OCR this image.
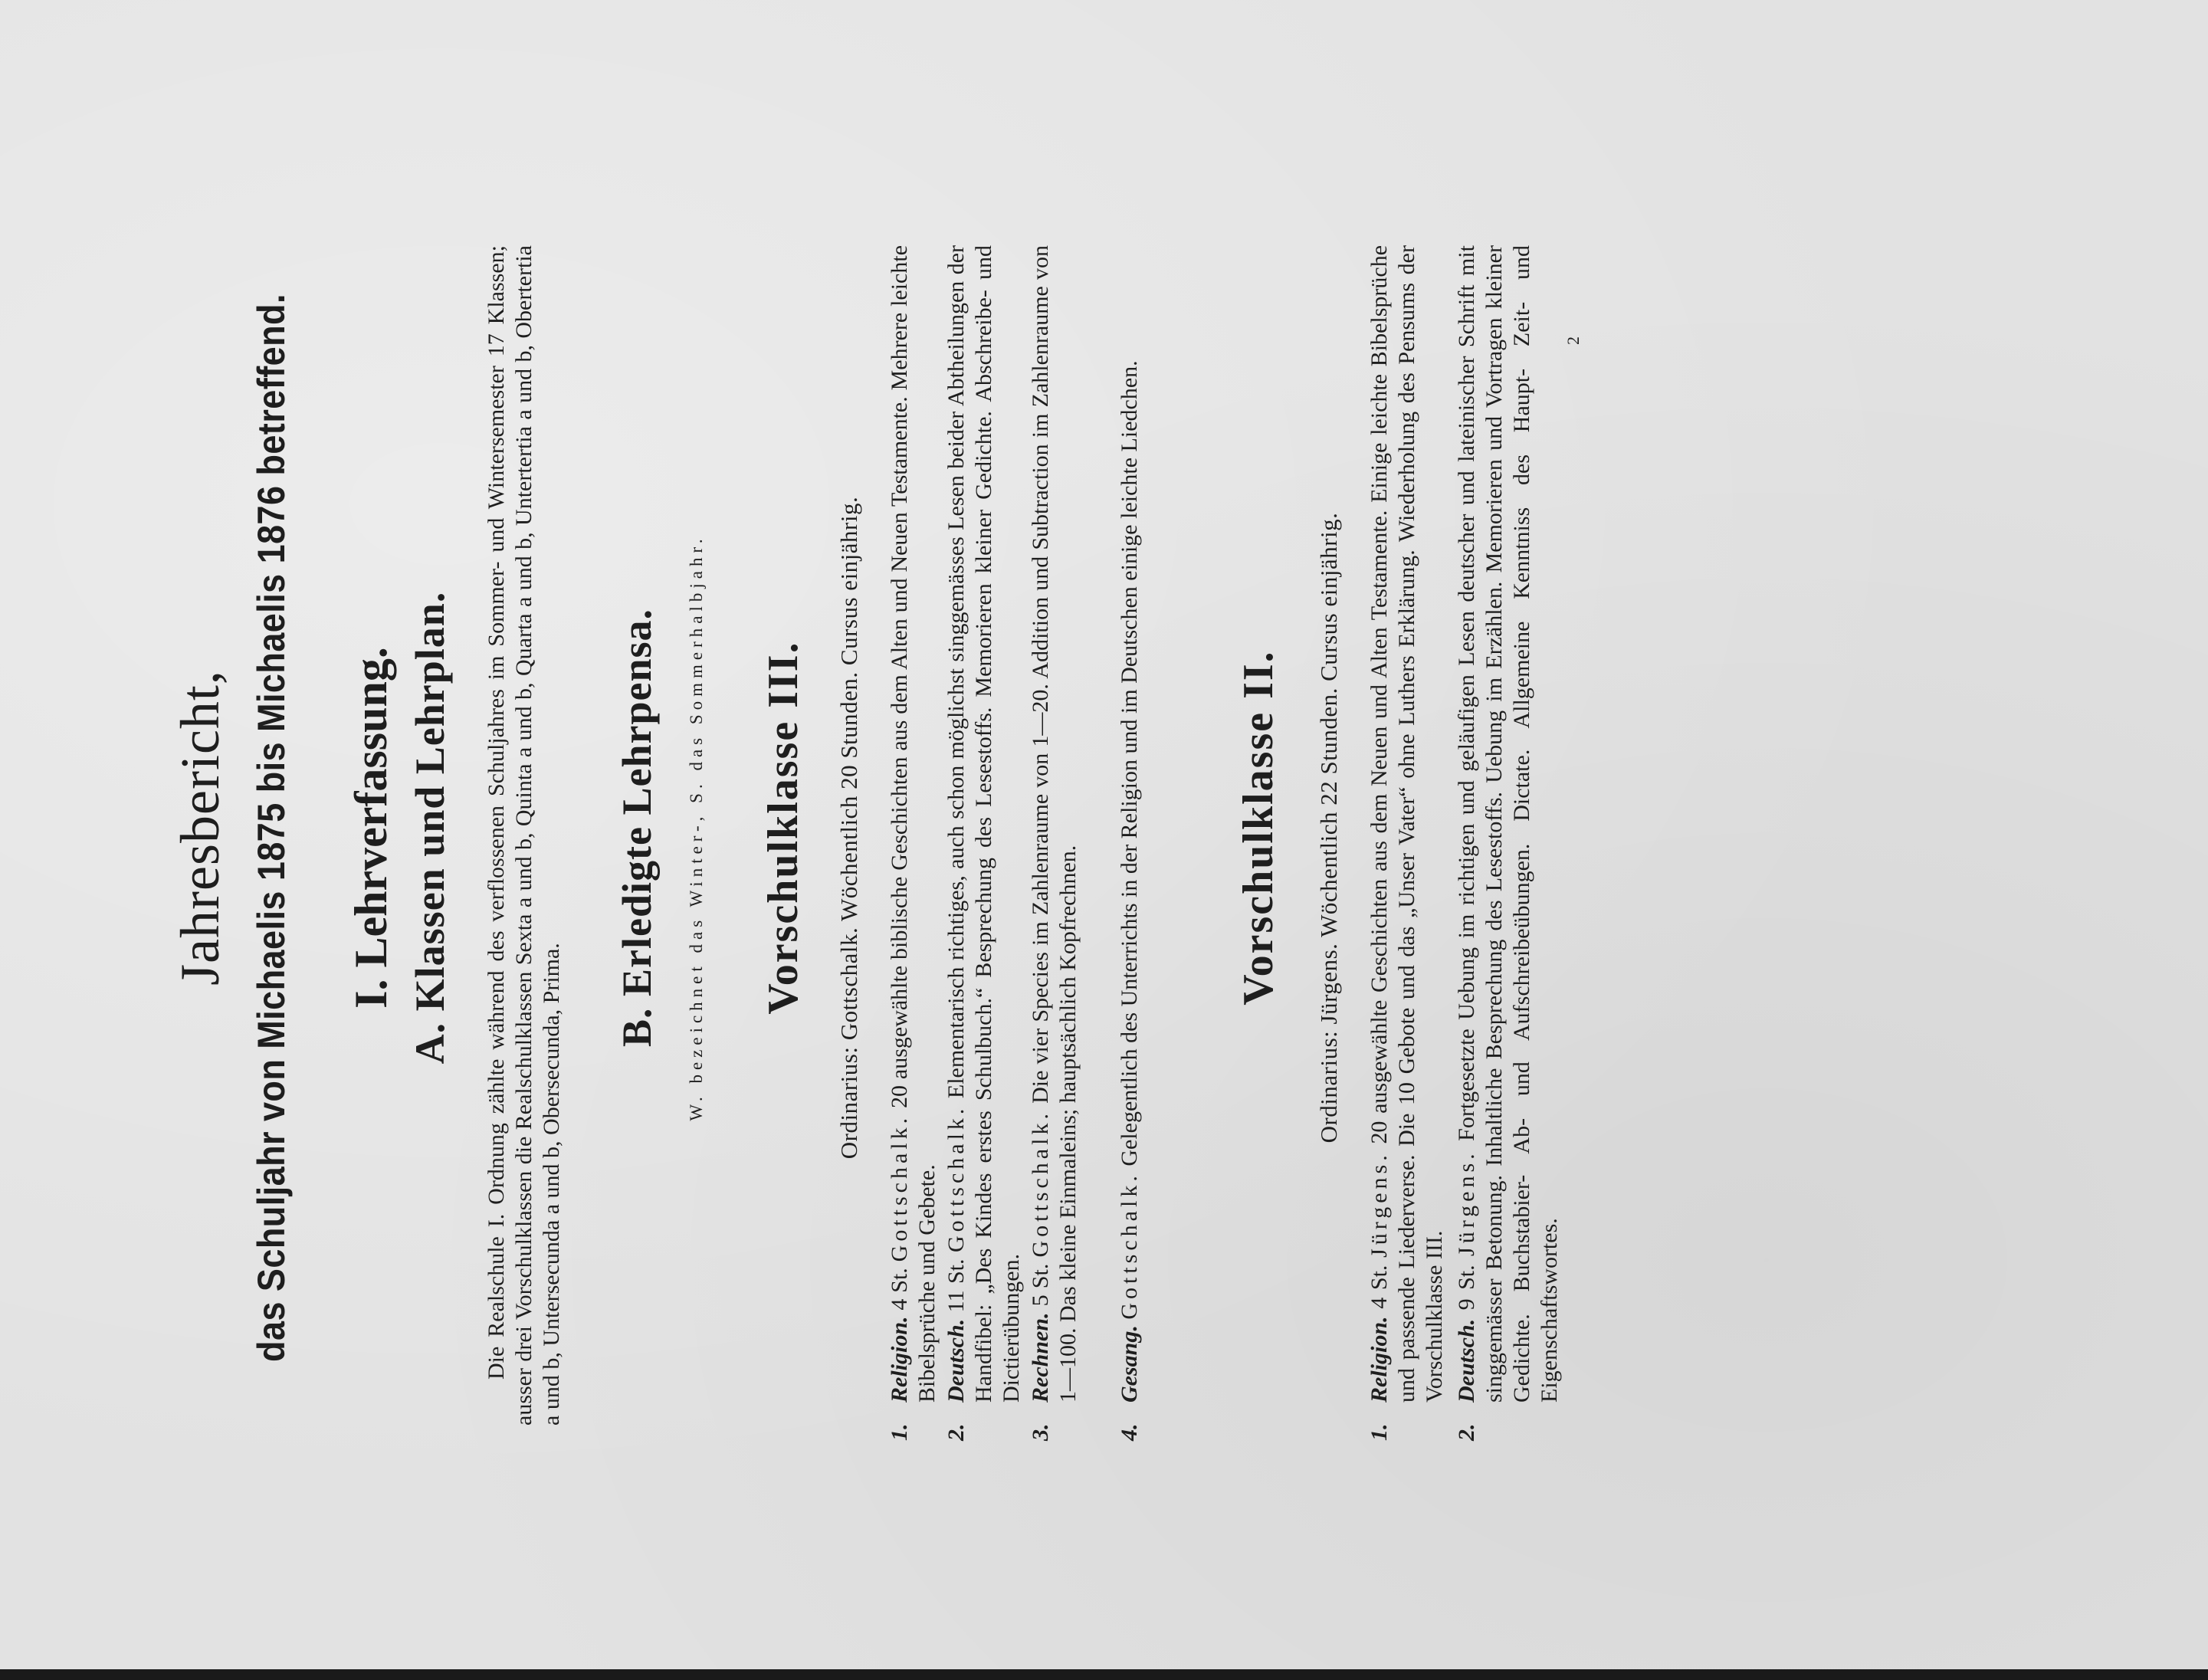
Jahresbericht, das Schuljahr von Michaelis 1875 bis Michaelis 1876 betreffend. I. Lehrverfassung. A. Klassen und Lehrplan. Die Realschule I. Ordnung zählte während des verflossenen Schuljahres im Sommer- und Wintersemester 17 Klassen; ausser drei Vorschulklassen die Realschulklassen Sexta a und b, Quinta a und b, Quarta a und b, Untertertia a und b, Obertertia a und b, Untersecunda a und b, Obersecunda, Prima.

B. Erledigte Lehrpensa. W. bezeichnet das Winter-, S. das Sommerhalbjahr. Vorschulklasse III. Ordinarius: Gottschalk. Wöchentlich 20 Stunden. Cursus einjährig.

1.
Religion. 4 St. Gottschalk. 20 ausgewählte biblische Geschichten aus dem Alten und Neuen Testamente. Mehrere leichte Bibelsprüche und Gebete.

2.
Deutsch. 11 St. Gottschalk. Elementarisch richtiges, auch schon möglichst singgemässes Lesen beider Abtheilungen der Handfibel: „Des Kindes erstes Schulbuch.“ Besprechung des Lesestoffs. Memorieren kleiner Gedichte. Abschreibe- und Dictierübungen.

3.
Rechnen. 5 St. Gottschalk. Die vier Species im Zahlenraume von 1—20. Addition und Subtraction im Zahlenraume von 1—100. Das kleine Einmaleins; hauptsächlich Kopfrechnen.

4.
Gesang. Gottschalk. Gelegentlich des Unterrichts in der Religion und im Deutschen einige leichte Liedchen. Vorschulklasse II. Ordinarius: Jürgens. Wöchentlich 22 Stunden. Cursus einjährig.

1.
Religion. 4 St. Jürgens. 20 ausgewählte Geschichten aus dem Neuen und Alten Testamente. Einige leichte Bibelsprüche und passende Liederverse. Die 10 Gebote und das „Unser Vater“ ohne Luthers Erklärung. Wiederholung des Pensums der Vorschulklasse III.

2.
Deutsch. 9 St. Jürgens. Fortgesetzte Uebung im richtigen und geläufigen Lesen deutscher und lateinischer Schrift mit singgemässer Betonung. Inhaltliche Besprechung des Lesestoffs. Uebung im Erzählen. Memorieren und Vortragen kleiner Gedichte. Buchstabier- Ab- und Aufschreibeübungen. Dictate. Allgemeine Kenntniss des Haupt- Zeit- und Eigenschaftswortes.

2
